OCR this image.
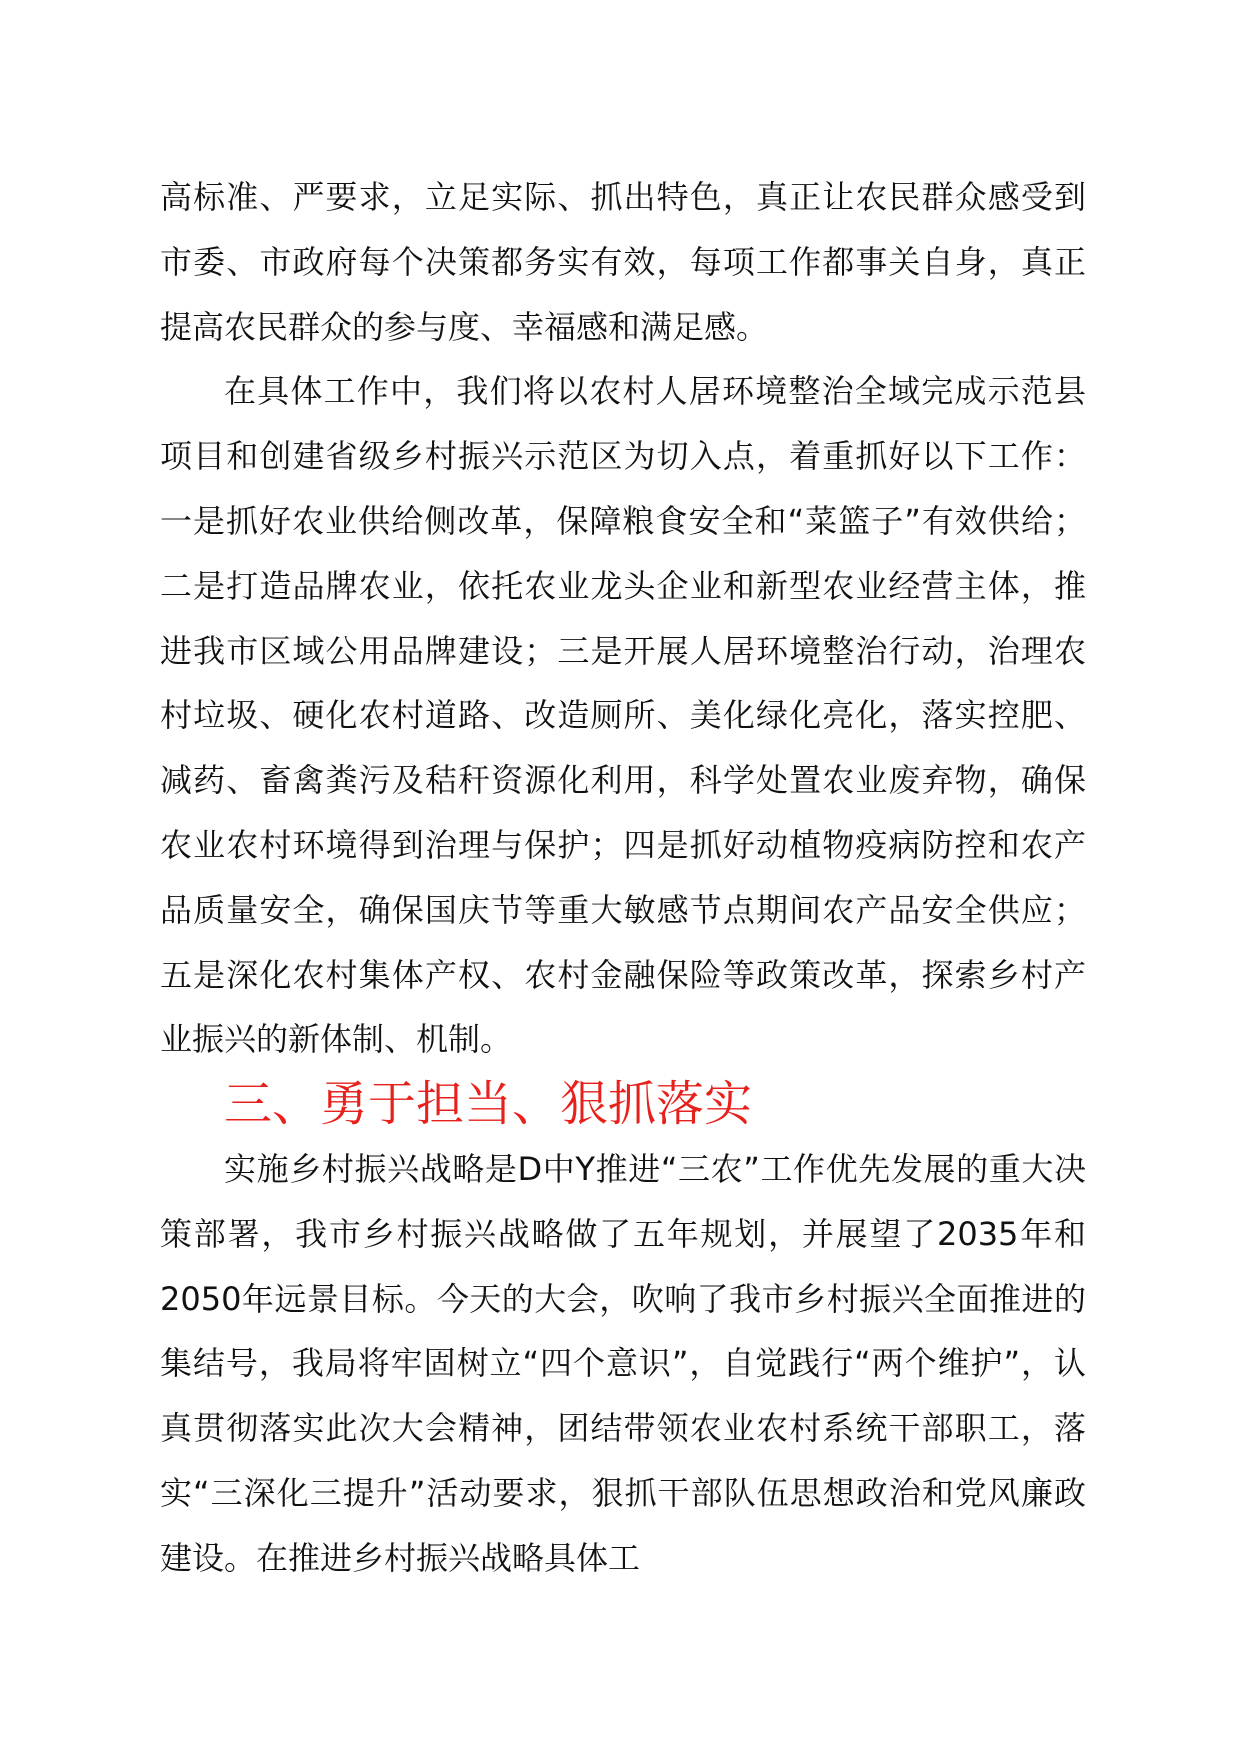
高标准、严要求，立足实际、抓出特色，真正让农民群众感受到市委、市政府每个决策都务实有效，每项工作都事关自身，真正提高农民群众的参与度、幸福感和满足感。

在具体工作中，我们将以农村人居环境整治全域完成示范县项目和创建省级乡村振兴示范区为切入点，着重抓好以下工作：一是抓好农业供给侧改革，保障粮食安全和“菜篮子”有效供给；二是打造品牌农业，依托农业龙头企业和新型农业经营主体，推进我市区域公用品牌建设；三是开展人居环境整治行动，治理农村垃圾、硬化农村道路、改造厕所、美化绿化亮化，落实控肥、减药、畜禽粪污及秸秆资源化利用，科学处置农业废弃物，确保农业农村环境得到治理与保护；四是抓好动植物疫病防控和农产品质量安全，确保国庆节等重大敏感节点期间农产品安全供应；五是深化农村集体产权、农村金融保险等政策改革，探索乡村产业振兴的新体制、机制。

三、勇于担当、狠抓落实

实施乡村振兴战略是D中Y推进“三农”工作优先发展的重大决策部署，我市乡村振兴战略做了五年规划，并展望了2035年和2050年远景目标。今天的大会，吹响了我市乡村振兴全面推进的集结号，我局将牢固树立“四个意识”，自觉践行“两个维护”，认真贯彻落实此次大会精神，团结带领农业农村系统干部职工，落实“三深化三提升”活动要求，狠抓干部队伍思想政治和党风廉政建设。在推进乡村振兴战略具体工
